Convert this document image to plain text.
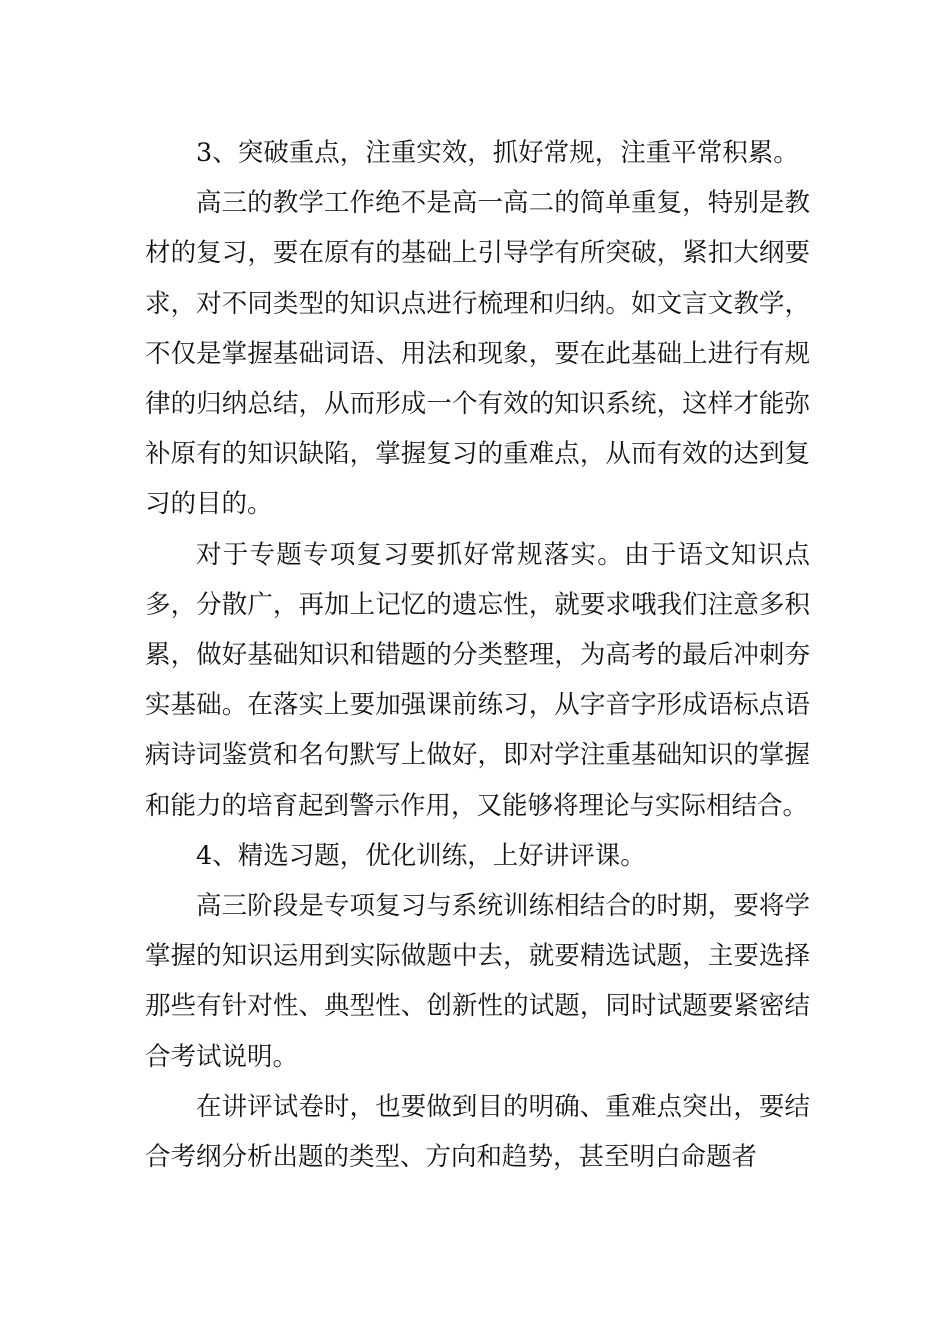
3、突破重点，注重实效，抓好常规，注重平常积累。

高三的教学工作绝不是高一高二的简单重复，特别是教材的复习，要在原有的基础上引导学有所突破，紧扣大纲要求，对不同类型的知识点进行梳理和归纳。如文言文教学，不仅是掌握基础词语、用法和现象，要在此基础上进行有规律的归纳总结，从而形成一个有效的知识系统，这样才能弥补原有的知识缺陷，掌握复习的重难点，从而有效的达到复习的目的。

对于专题专项复习要抓好常规落实。由于语文知识点多，分散广，再加上记忆的遗忘性，就要求哦我们注意多积累，做好基础知识和错题的分类整理，为高考的最后冲刺夯实基础。在落实上要加强课前练习，从字音字形成语标点语病诗词鉴赏和名句默写上做好，即对学注重基础知识的掌握和能力的培育起到警示作用，又能够将理论与实际相结合。

4、精选习题，优化训练，上好讲评课。

高三阶段是专项复习与系统训练相结合的时期，要将学掌握的知识运用到实际做题中去，就要精选试题，主要选择那些有针对性、典型性、创新性的试题，同时试题要紧密结合考试说明。

在讲评试卷时，也要做到目的明确、重难点突出，要结合考纲分析出题的类型、方向和趋势，甚至明白命题者
